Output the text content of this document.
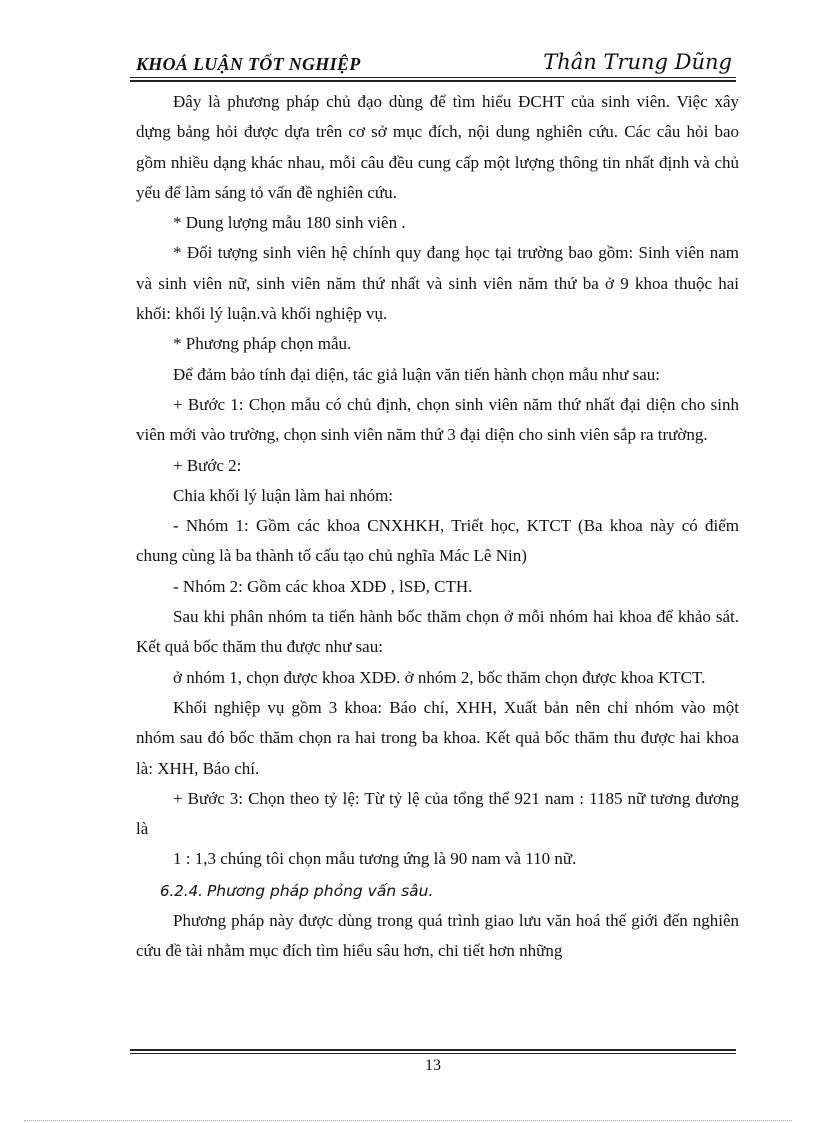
KHOÁ LUẬN TỐT NGHIỆP	Thân Trung Dũng

Đây là phương pháp chủ đạo dùng để tìm hiểu ĐCHT của sinh viên. Việc xây dựng bảng hỏi được dựa trên cơ sở mục đích, nội dung nghiên cứu. Các câu hỏi bao gồm nhiều dạng khác nhau, mỗi câu đều cung cấp một lượng thông tin nhất định và chủ yếu để làm sáng tỏ vấn đề nghiên cứu.

* Dung lượng mẫu 180 sinh viên .

* Đối tượng sinh viên hệ chính quy đang học tại trường bao gồm: Sinh viên nam và sinh viên nữ, sinh viên năm thứ nhất và sinh viên năm thứ ba ở 9 khoa thuộc hai khối: khối lý luận.và khối nghiệp vụ.

* Phương pháp chọn mẫu.

Để đảm bảo tính đại diện, tác giả luận văn tiến hành chọn mẫu như sau:

+ Bước 1: Chọn mẫu có chủ định, chọn sinh viên năm thứ nhất đại diện cho sinh viên mới vào trường, chọn sinh viên năm thứ 3 đại diện cho sinh viên sắp ra trường.

+ Bước 2:

Chia khối lý luận làm hai nhóm:

- Nhóm 1: Gồm các khoa CNXHKH, Triết học, KTCT (Ba khoa này có điểm chung cùng là ba thành tố cấu tạo chủ nghĩa Mác Lê Nin)

- Nhóm 2: Gồm các khoa XDĐ , lSĐ, CTH.

Sau khi phân nhóm ta tiến hành bốc thăm chọn ở mỗi nhóm hai khoa để khảo sát. Kết quả bốc thăm thu được như sau:

ở nhóm 1, chọn được khoa XDĐ. ở nhóm 2, bốc thăm chọn được khoa KTCT.

Khối nghiệp vụ gồm 3 khoa: Báo chí, XHH, Xuất bản nên chỉ nhóm vào một nhóm sau đó bốc thăm chọn ra hai trong ba khoa. Kết quả bốc thăm thu được hai khoa là: XHH, Báo chí.

+ Bước 3: Chọn theo tỷ lệ: Từ tỷ lệ của tổng thể 921 nam : 1185 nữ tương đương là

1 : 1,3 chúng tôi chọn mẫu tương ứng là 90 nam và 110 nữ.

6.2.4. Phương pháp phỏng vấn sâu.

Phương pháp này được dùng trong quá trình giao lưu văn hoá thế giới đến nghiên cứu đề tài nhằm mục đích tìm hiểu sâu hơn, chi tiết hơn những

13
